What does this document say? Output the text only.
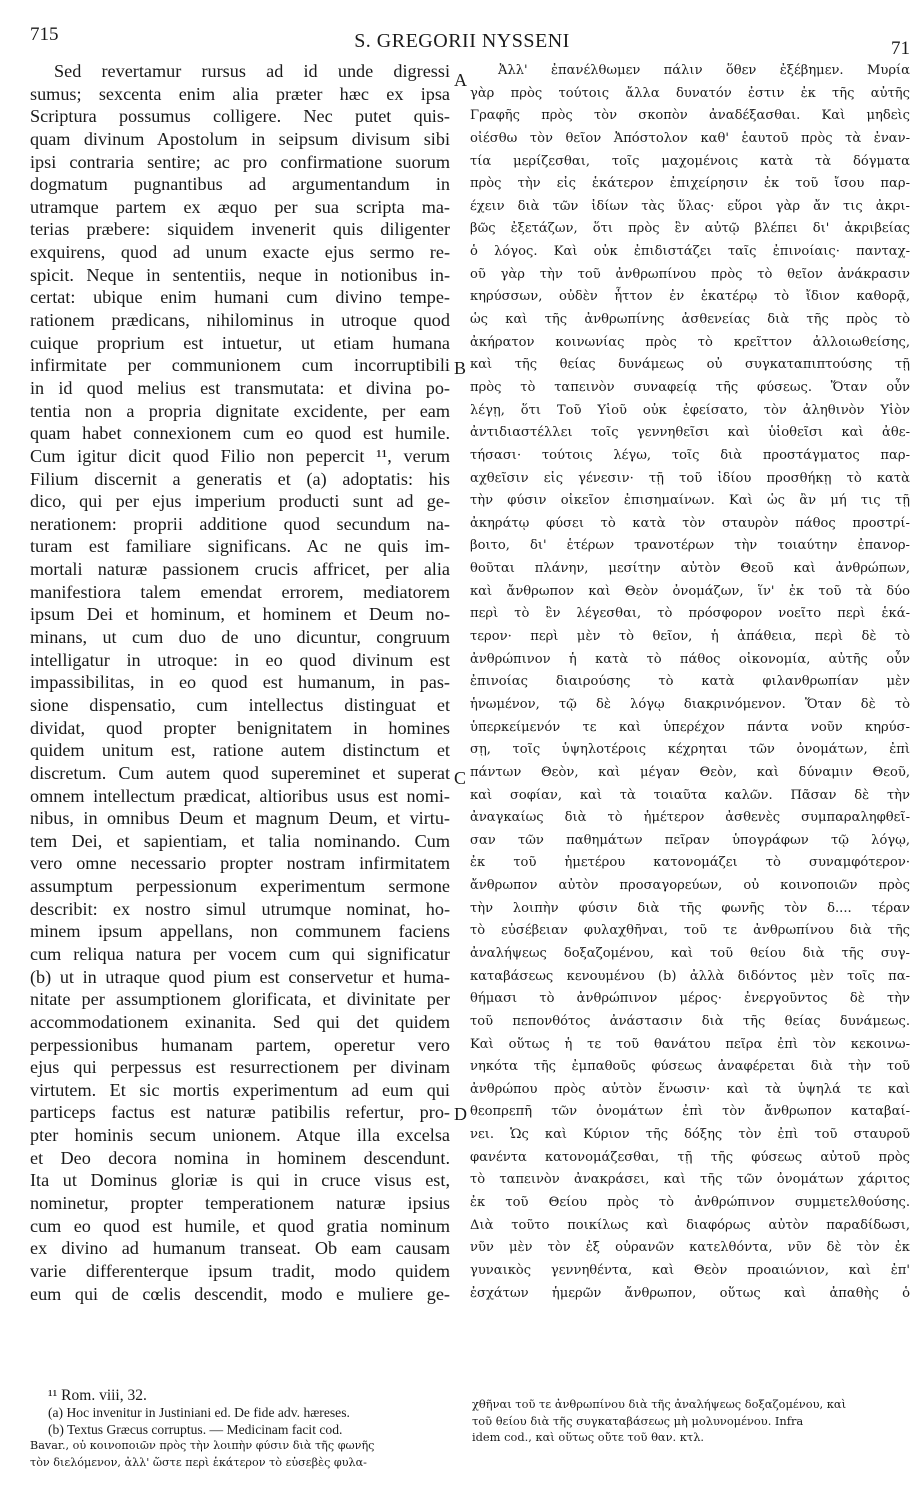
715	S. GREGORII NYSSENI	71
Sed revertamur rursus ad id unde digressi
sumus; sexcenta enim alia præter hæc ex ipsa
Scriptura possumus colligere. Nec putet quis-
quam divinum Apostolum in seipsum divisum sibi
ipsi contraria sentire; ac pro confirmatione suorum
dogmatum pugnantibus ad argumentandum in
utramque partem ex æquo per sua scripta ma-
terias præbere: siquidem invenerit quis diligenter
exquirens, quod ad unum exacte ejus sermo re-
spicit. Neque in sententiis, neque in notionibus in-
certat: ubique enim humani cum divino tempe-
rationem prædicans, nihilominus in utroque quod
cuique proprium est intuetur, ut etiam humana
infirmitate per communionem cum incorruptibili
in id quod melius est transmutata: et divina po-
tentia non a propria dignitate excidente, per eam
quam habet connexionem cum eo quod est humile.
Cum igitur dicit quod Filio non pepercit ¹¹, verum
Filium discernit a generatis et (a) adoptatis: his
dico, qui per ejus imperium producti sunt ad ge-
nerationem: proprii additione quod secundum na-
turam est familiare significans. Ac ne quis im-
mortali naturæ passionem crucis affricet, per alia
manifestiora talem emendat errorem, mediatorem
ipsum Dei et hominum, et hominem et Deum no-
minans, ut cum duo de uno dicuntur, congruum
intelligatur in utroque: in eo quod divinum est
impassibilitas, in eo quod est humanum, in pas-
sione dispensatio, cum intellectus distinguat et
dividat, quod propter benignitatem in homines
quidem unitum est, ratione autem distinctum et
discretum. Cum autem quod supereminet et superat
omnem intellectum prædicat, altioribus usus est nomi-
nibus, in omnibus Deum et magnum Deum, et virtu-
tem Dei, et sapientiam, et talia nominando. Cum
vero omne necessario propter nostram infirmitatem
assumptum perpessionum experimentum sermone
describit: ex nostro simul utrumque nominat, ho-
minem ipsum appellans, non communem faciens
cum reliqua natura per vocem cum qui significatur
(b) ut in utraque quod pium est conservetur et huma-
nitate per assumptionem glorificata, et divinitate per
accommodationem exinanita. Sed qui det quidem
perpessionibus humanam partem, operetur vero
ejus qui perpessus est resurrectionem per divinam
virtutem. Et sic mortis experimentum ad eum qui
particeps factus est naturæ patibilis refertur, pro-
pter hominis secum unionem. Atque illa excelsa
et Deo decora nomina in hominem descendunt.
Ita ut Dominus gloriæ is qui in cruce visus est,
nominetur, propter temperationem naturæ ipsius
cum eo quod est humile, et quod gratia nominum
ex divino ad humanum transeat. Ob eam causam
varie differenterque ipsum tradit, modo quidem
eum qui de cœlis descendit, modo e muliere ge-
Ἀλλ' ἐπανέλθωμεν πάλιν ὅθεν ἐξέβημεν. Μυρία
γὰρ πρὸς τούτοις ἄλλα δυνατόν ἐστιν ἐκ τῆς αὐτῆς
Γραφῆς πρὸς τὸν σκοπὸν ἀναδέξασθαι. Καὶ μηδεὶς
οἰέσθω τὸν θεῖον Ἀπόστολον καθ' ἑαυτοῦ πρὸς τὰ ἐναν-
τία μερίζεσθαι, τοῖς μαχομένοις κατὰ τὰ δόγματα
πρὸς τὴν εἰς ἑκάτερον ἐπιχείρησιν ἐκ τοῦ ἴσου παρ-
έχειν διὰ τῶν ἰδίων τὰς ὕλας· εὕροι γὰρ ἄν τις ἀκρι-
βῶς ἐξετάζων, ὅτι πρὸς ἓν αὐτῷ βλέπει δι' ἀκριβείας
ὁ λόγος. Καὶ οὐκ ἐπιδιστάζει ταῖς ἐπινοίαις· πανταχ-
οῦ γὰρ τὴν τοῦ ἀνθρωπίνου πρὸς τὸ θεῖον ἀνάκρασιν
κηρύσσων, οὐδὲν ἧττον ἐν ἑκατέρῳ τὸ ἴδιον καθορᾷ,
ὡς καὶ τῆς ἀνθρωπίνης ἀσθενείας διὰ τῆς πρὸς τὸ
ἀκήρατον κοινωνίας πρὸς τὸ κρεῖττον ἀλλοιωθείσης,
καὶ τῆς θείας δυνάμεως οὐ συγκαταπιπτούσης τῇ
πρὸς τὸ ταπεινὸν συναφείᾳ τῆς φύσεως. Ὅταν οὖν
λέγῃ, ὅτι Τοῦ Υἱοῦ οὐκ ἐφείσατο, τὸν ἀληθινὸν Υἱὸν
ἀντιδιαστέλλει τοῖς γεννηθεῖσι καὶ ὑἱοθεῖσι καὶ ἀθε-
τήσασι· τούτοις λέγω, τοῖς διὰ προστάγματος παρ-
αχθεῖσιν εἰς γένεσιν· τῇ τοῦ ἰδίου προσθήκῃ τὸ κατὰ
τὴν φύσιν οἰκεῖον ἐπισημαίνων. Καὶ ὡς ἂν μή τις τῇ
ἀκηράτῳ φύσει τὸ κατὰ τὸν σταυρὸν πάθος προστρί-
βοιτο, δι' ἑτέρων τρανοτέρων τὴν τοιαύτην ἐπανορ-
θοῦται πλάνην, μεσίτην αὐτὸν Θεοῦ καὶ ἀνθρώπων,
καὶ ἄνθρωπον καὶ Θεὸν ὀνομάζων, ἵν' ἐκ τοῦ τὰ δύο
περὶ τὸ ἓν λέγεσθαι, τὸ πρόσφορον νοεῖτο περὶ ἑκά-
τερον· περὶ μὲν τὸ θεῖον, ἡ ἀπάθεια, περὶ δὲ τὸ
ἀνθρώπινον ἡ κατὰ τὸ πάθος οἰκονομία, αὐτῆς οὖν
ἐπινοίας διαιρούσης τὸ κατὰ φιλανθρωπίαν μὲν
ἡνωμένον, τῷ δὲ λόγῳ διακρινόμενον. Ὅταν δὲ τὸ
ὑπερκείμενόν τε καὶ ὑπερέχον πάντα νοῦν κηρύσ-
σῃ, τοῖς ὑψηλοτέροις κέχρηται τῶν ὀνομάτων, ἐπὶ
πάντων Θεὸν, καὶ μέγαν Θεὸν, καὶ δύναμιν Θεοῦ,
καὶ σοφίαν, καὶ τὰ τοιαῦτα καλῶν. Πᾶσαν δὲ τὴν
ἀναγκαίως διὰ τὸ ἡμέτερον ἀσθενὲς συμπαραληφθεῖ-
σαν τῶν παθημάτων πεῖραν ὑπογράφων τῷ λόγῳ,
ἐκ τοῦ ἡμετέρου κατονομάζει τὸ συναμφότερον·
ἄνθρωπον αὐτὸν προσαγορεύων, οὐ κοινοποιῶν πρὸς
τὴν λοιπὴν φύσιν διὰ τῆς φωνῆς τὸν δ.... τέραν
τὸ εὐσέβειαν φυλαχθῆναι, τοῦ τε ἀνθρωπίνου διὰ τῆς
ἀναλήψεως δοξαζομένου, καὶ τοῦ θείου διὰ τῆς συγ-
καταβάσεως κενουμένου (b) ἀλλὰ διδόντος μὲν τοῖς πα-
θήμασι τὸ ἀνθρώπινον μέρος· ἐνεργοῦντος δὲ τὴν
τοῦ πεπονθότος ἀνάστασιν διὰ τῆς θείας δυνάμεως.
Καὶ οὕτως ἡ τε τοῦ θανάτου πεῖρα ἐπὶ τὸν κεκοινω-
νηκότα τῆς ἐμπαθοῦς φύσεως ἀναφέρεται διὰ τὴν τοῦ
ἀνθρώπου πρὸς αὐτὸν ἕνωσιν· καὶ τὰ ὑψηλά τε καὶ
θεοπρεπῆ τῶν ὀνομάτων ἐπὶ τὸν ἄνθρωπον καταβαί-
νει. Ὡς καὶ Κύριον τῆς δόξης τὸν ἐπὶ τοῦ σταυροῦ
φανέντα κατονομάζεσθαι, τῇ τῆς φύσεως αὐτοῦ πρὸς
τὸ ταπεινὸν ἀνακράσει, καὶ τῆς τῶν ὀνομάτων χάριτος
ἐκ τοῦ Θείου πρὸς τὸ ἀνθρώπινον συμμετελθούσης.
Διὰ τοῦτο ποικίλως καὶ διαφόρως αὐτὸν παραδίδωσι,
νῦν μὲν τὸν ἐξ οὐρανῶν κατελθόντα, νῦν δὲ τὸν ἐκ
γυναικὸς γεννηθέντα, καὶ Θεὸν προαιώνιον, καὶ ἐπ'
ἐσχάτων ἡμερῶν ἄνθρωπον, οὕτως καὶ ἀπαθὴς ὁ
A
B
C
D
¹¹ Rom. viii, 32.
(a) Hoc invenitur in Justiniani ed. De fide adv. hæreses.
(b) Textus Græcus corruptus. — Medicinam facit cod.
Bavar., οὐ κοινοποιῶν πρὸς τὴν λοιπὴν φύσιν διὰ τῆς φωνῆς
τὸν διελόμενον, ἀλλ' ὥστε περὶ ἑκάτερον τὸ εὐσεβὲς φυλα-
χθῆναι τοῦ τε ἀνθρωπίνου διὰ τῆς ἀναλήψεως δοξαζομένου, καὶ
τοῦ θείου διὰ τῆς συγκαταβάσεως μὴ μολυνομένου. Infra
idem cod., καὶ οὕτως οὔτε τοῦ θαν. κτλ.
